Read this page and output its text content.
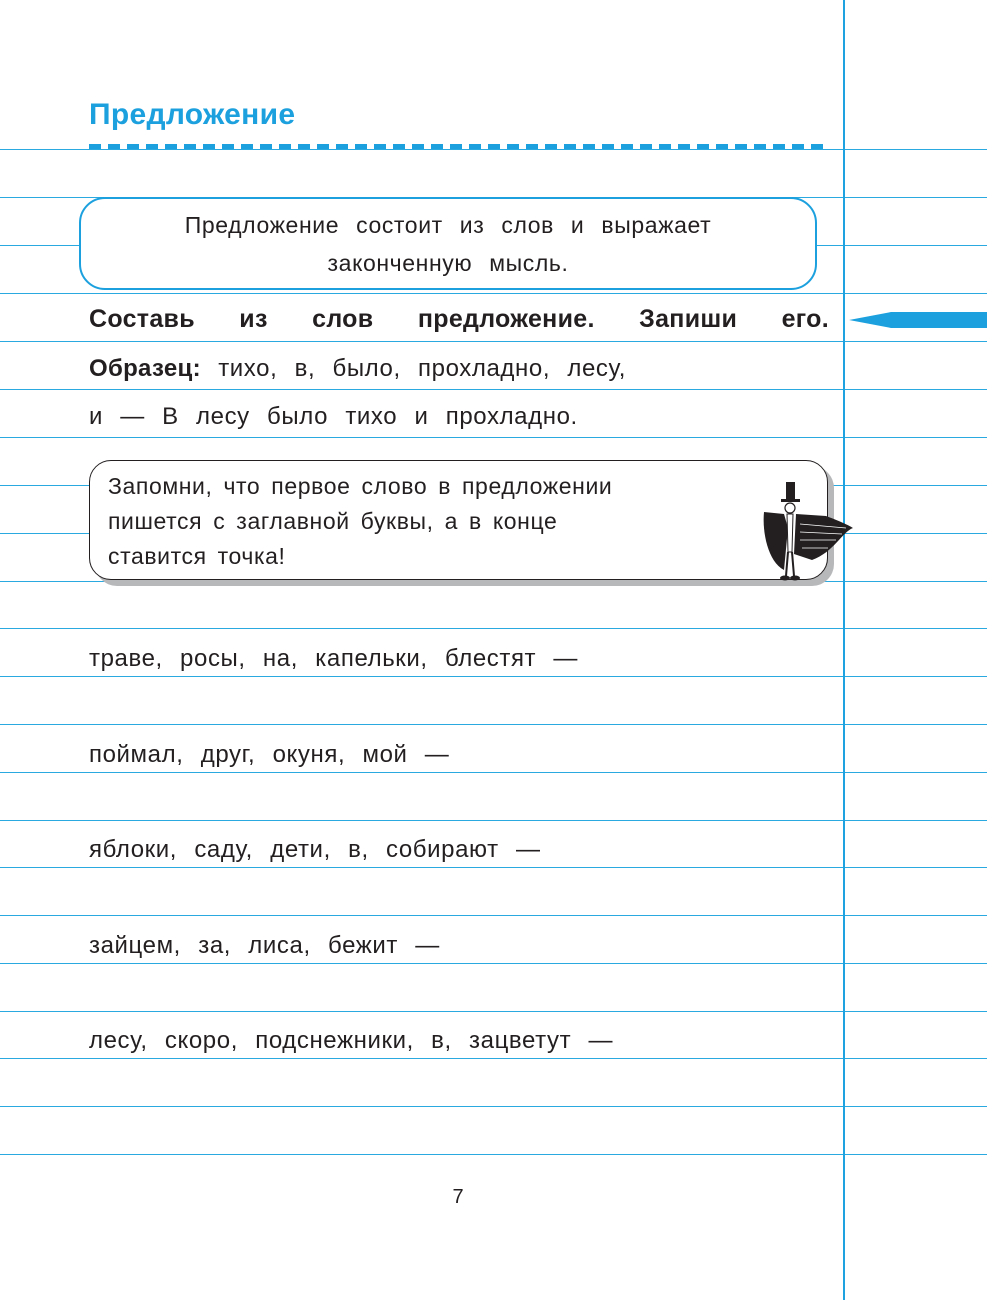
Предложение

Предложение состоит из слов и выражает

законченную мысль.

Составь из слов предложение. Запиши его.

Образец: тихо, в, было, прохладно, лесу,

и — В лесу было тихо и прохладно.

Запомни, что первое слово в предложении
пишется с заглавной буквы, а в конце
ставится точка!

траве, росы, на, капельки, блестят —

поймал, друг, окуня, мой —

яблоки, саду, дети, в, собирают —

зайцем, за, лиса, бежит —

лесу, скоро, подснежники, в, зацветут —

7
